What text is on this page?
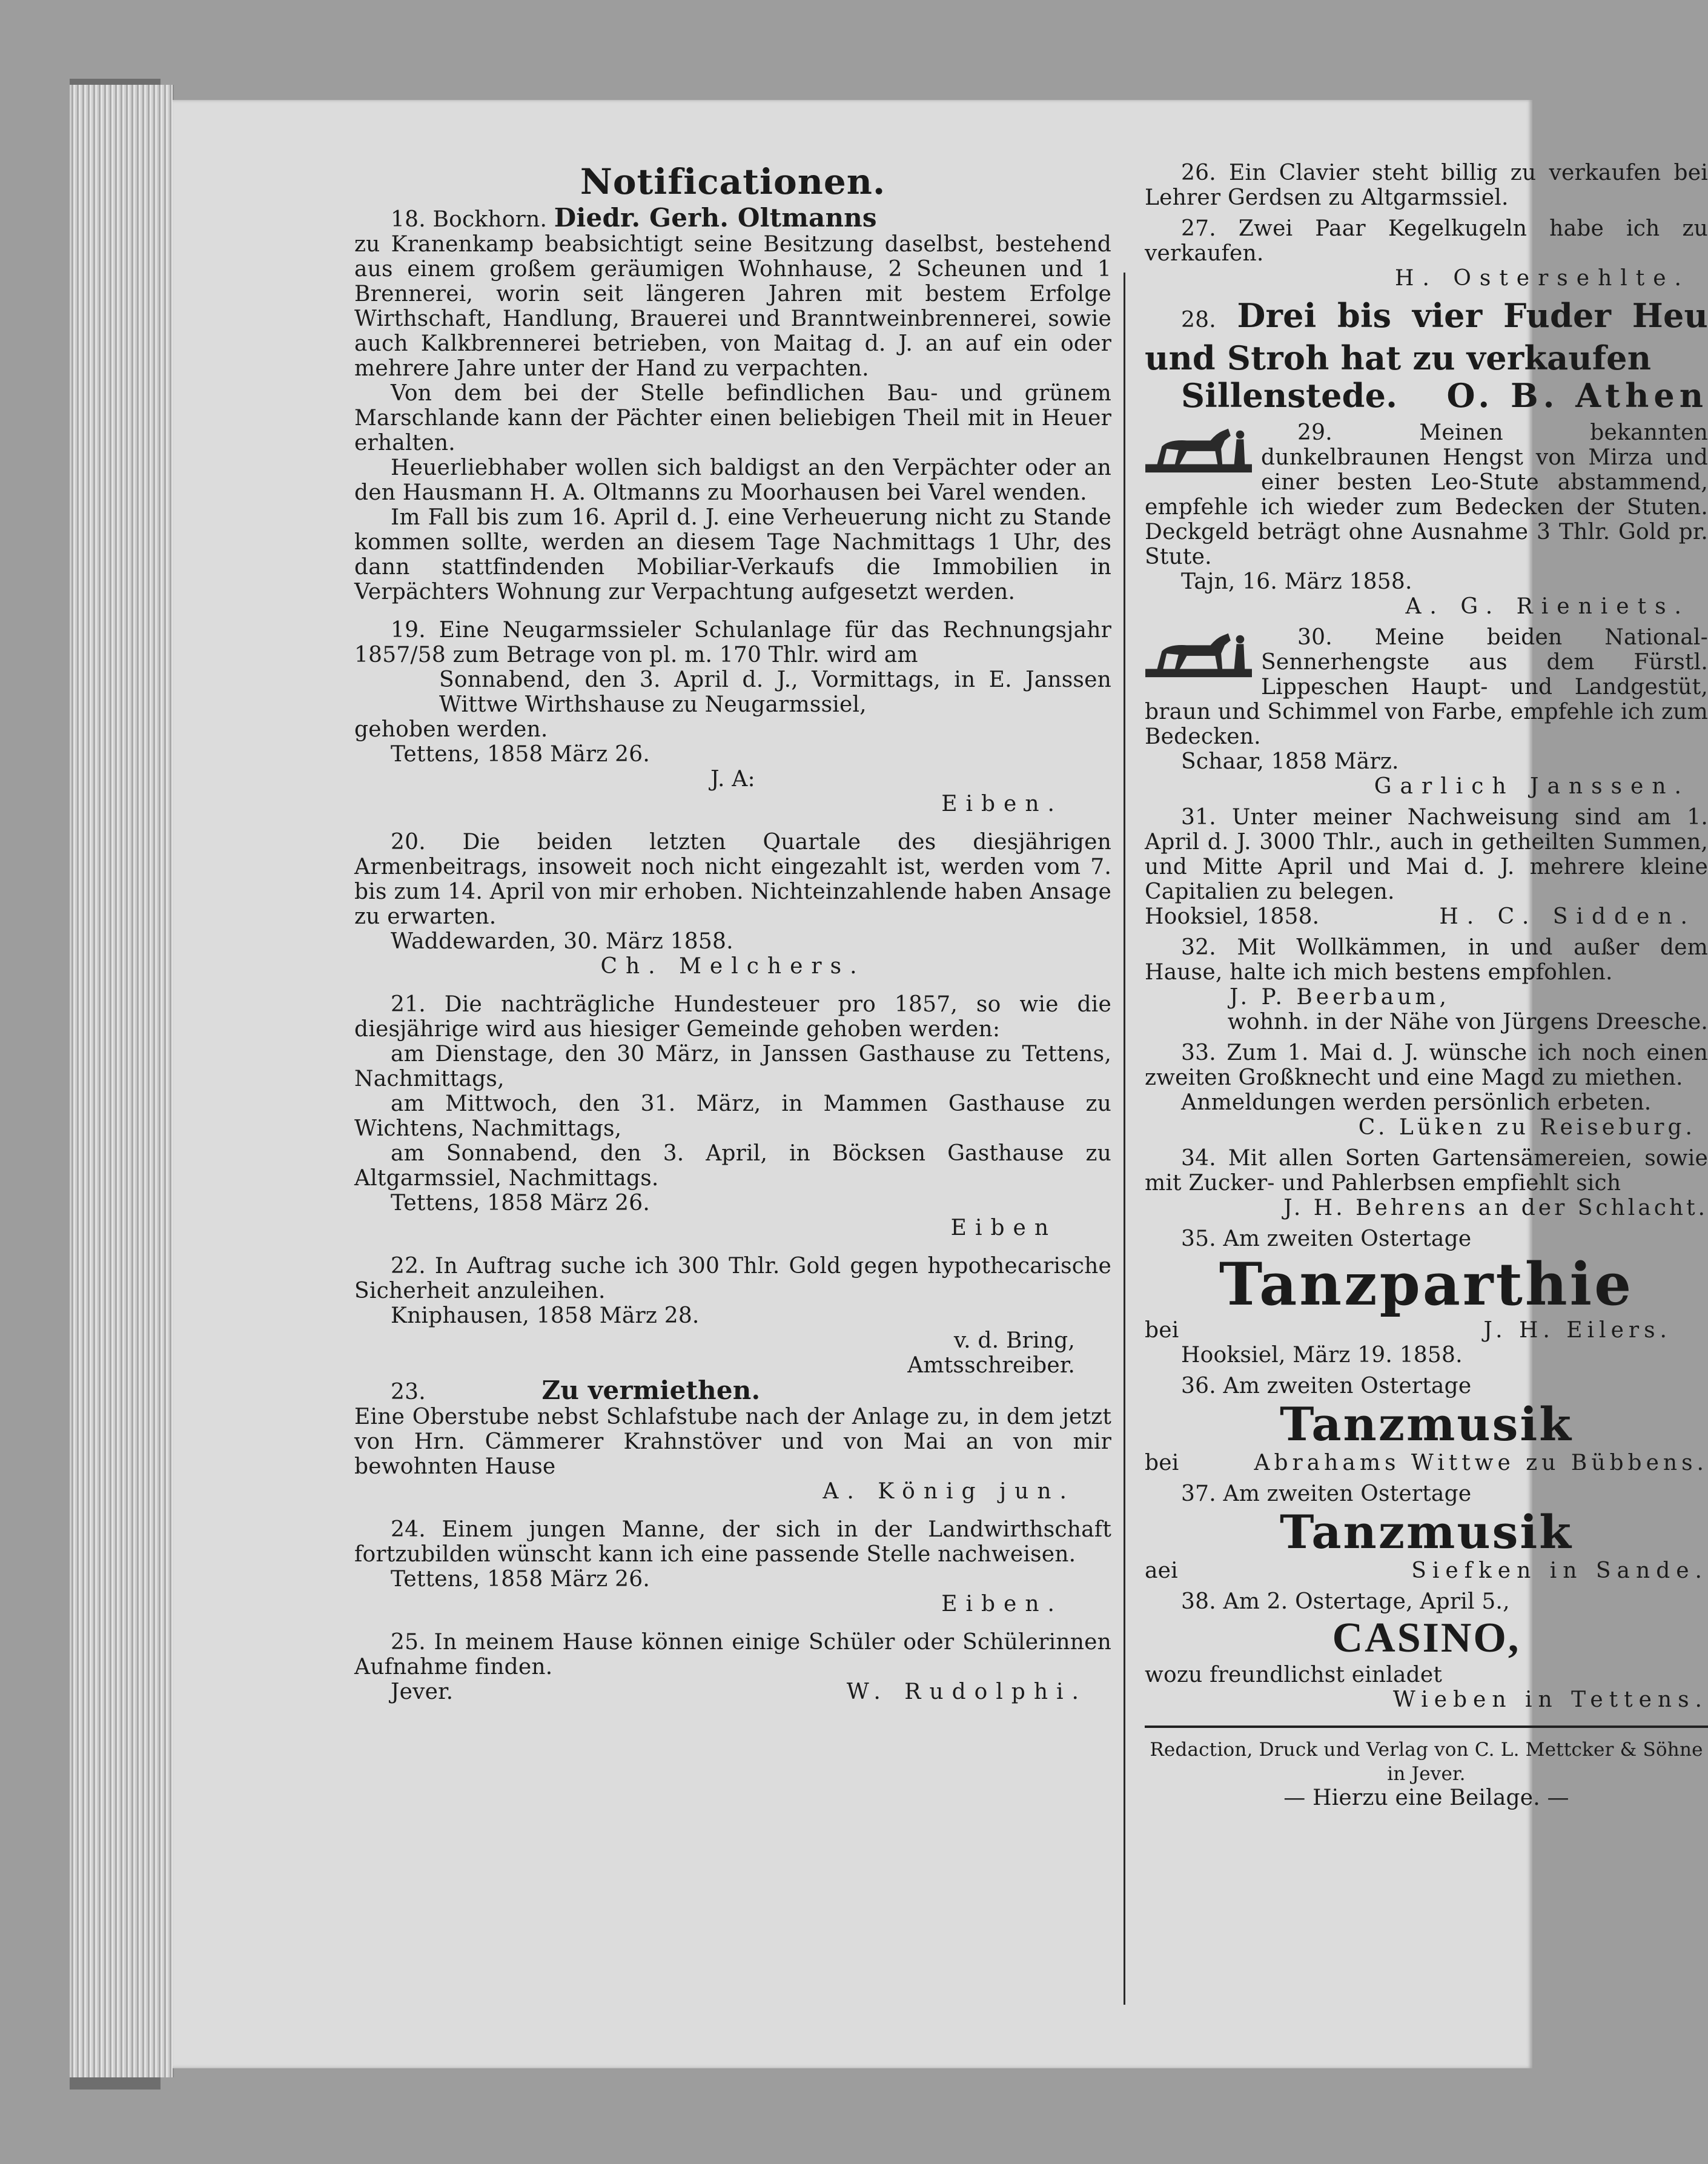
Notificationen.

18. Bockhorn. Diedr. Gerh. Oltmanns

zu Kranenkamp beabsichtigt seine Besitzung daselbst, bestehend aus einem großem geräumigen Wohnhause, 2 Scheunen und 1 Brennerei, worin seit längeren Jahren mit bestem Erfolge Wirthschaft, Handlung, Brauerei und Branntweinbrennerei, sowie auch Kalkbrennerei betrieben, von Maitag d. J. an auf ein oder mehrere Jahre unter der Hand zu verpachten.

Von dem bei der Stelle befindlichen Bau- und grünem Marschlande kann der Pächter einen beliebigen Theil mit in Heuer erhalten.

Heuerliebhaber wollen sich baldigst an den Verpächter oder an den Hausmann H. A. Oltmanns zu Moorhausen bei Varel wenden.

Im Fall bis zum 16. April d. J. eine Verheuerung nicht zu Stande kommen sollte, werden an diesem Tage Nachmittags 1 Uhr, des dann stattfindenden Mobiliar-Verkaufs die Immobilien in Verpächters Wohnung zur Verpachtung aufgesetzt werden.

19. Eine Neugarmssieler Schulanlage für das Rechnungsjahr 1857/58 zum Betrage von pl. m. 170 Thlr. wird am

Sonnabend, den 3. April d. J., Vormittags, in E. Janssen Wittwe Wirthshause zu Neugarmssiel,

gehoben werden.

Tettens, 1858 März 26.

J. A:

Eiben.

20. Die beiden letzten Quartale des diesjährigen Armenbeitrags, insoweit noch nicht eingezahlt ist, werden vom 7. bis zum 14. April von mir erhoben. Nichteinzahlende haben Ansage zu erwarten.

Waddewarden, 30. März 1858.

Ch. Melchers.

21. Die nachträgliche Hundesteuer pro 1857, so wie die diesjährige wird aus hiesiger Gemeinde gehoben werden:

am Dienstage, den 30 März, in Janssen Gasthause zu Tettens, Nachmittags,

am Mittwoch, den 31. März, in Mammen Gasthause zu Wichtens, Nachmittags,

am Sonnabend, den 3. April, in Böcksen Gasthause zu Altgarmssiel, Nachmittags.

Tettens, 1858 März 26.

Eiben

22. In Auftrag suche ich 300 Thlr. Gold gegen hypothecarische Sicherheit anzuleihen.

Kniphausen, 1858 März 28.

v. d. Bring,

Amtsschreiber.

23.	Zu vermiethen.

Eine Oberstube nebst Schlafstube nach der Anlage zu, in dem jetzt von Hrn. Cämmerer Krahnstöver und von Mai an von mir bewohnten Hause

A. König jun.

24. Einem jungen Manne, der sich in der Landwirthschaft fortzubilden wünscht kann ich eine passende Stelle nachweisen.

Tettens, 1858 März 26.

Eiben.

25. In meinem Hause können einige Schüler oder Schülerinnen Aufnahme finden.

Jever.	W. Rudolphi.

26. Ein Clavier steht billig zu verkaufen bei Lehrer Gerdsen zu Altgarmssiel.

27. Zwei Paar Kegelkugeln habe ich zu verkaufen.

H. Ostersehlte.

28. Drei bis vier Fuder Heu und Stroh hat zu verkaufen

Sillenstede. O. B. Athen

29. Meinen bekannten dunkelbraunen Hengst von Mirza und einer besten Leo-Stute abstammend, empfehle ich wieder zum Bedecken der Stuten. Deckgeld beträgt ohne Ausnahme 3 Thlr. Gold pr. Stute.

Tajn, 16. März 1858.

A. G. Rieniets.

30. Meine beiden National-Sennerhengste aus dem Fürstl. Lippeschen Haupt- und Landgestüt, braun und Schimmel von Farbe, empfehle ich zum Bedecken.

Schaar, 1858 März.

Garlich Janssen.

31. Unter meiner Nachweisung sind am 1. April d. J. 3000 Thlr., auch in getheilten Summen, und Mitte April und Mai d. J. mehrere kleine Capitalien zu belegen.

Hooksiel, 1858.	H. C. Sidden.

32. Mit Wollkämmen, in und außer dem Hause, halte ich mich bestens empfohlen.

J. P. Beerbaum,

wohnh. in der Nähe von Jürgens Dreesche.

33. Zum 1. Mai d. J. wünsche ich noch einen zweiten Großknecht und eine Magd zu miethen.

Anmeldungen werden persönlich erbeten.

C. Lüken zu Reiseburg.

34. Mit allen Sorten Gartensämereien, sowie mit Zucker- und Pahlerbsen empfiehlt sich

J. H. Behrens an der Schlacht.

35. Am zweiten Ostertage

Tanzparthie

bei	J. H. Eilers.

Hooksiel, März 19. 1858.

36. Am zweiten Ostertage

Tanzmusik

bei	Abrahams Wittwe zu Bübbens.

37. Am zweiten Ostertage

Tanzmusik

aei	Siefken in Sande.

38. Am 2. Ostertage, April 5.,

CASINO,

wozu freundlichst einladet

Wieben in Tettens.

Redaction, Druck und Verlag von C. L. Mettcker & Söhne in Jever.

— Hierzu eine Beilage. —
